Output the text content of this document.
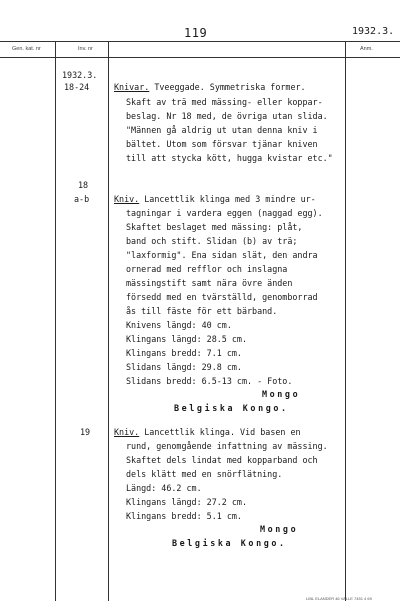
119	1932.3.
Gen. kat. nr	Inv. nr	Anm.
1932.3.
18-24	Knivar. Tveeggade. Symmetriska former.
Skaft av trä med mässing- eller koppar-
beslag. Nr 18 med, de övriga utan slida.
"Männen gå aldrig ut utan denna kniv i
bältet. Utom som försvar tjänar kniven
till att stycka kött, hugga kvistar etc."
18
a-b	Kniv. Lancettlik klinga med 3 mindre ur-
tagningar i vardera eggen (naggad egg).
Skaftet beslaget med mässing: plåt,
band och stift. Slidan (b) av trä;
"laxformig". Ena sidan slät, den andra
ornerad med refflor och inslagna
mässingstift samt nära övre änden
försedd med en tvärställd, genomborrad
ås till fäste för ett bärband.
Knivens längd: 40 cm.
Klingans längd: 28.5 cm.
Klingans bredd: 7.1 cm.
Slidans längd: 29.8 cm.
Slidans bredd: 6.5-13 cm. - Foto.
Mongo
Belgiska Kongo.
19	Kniv. Lancettlik klinga. Vid basen en
rund, genomgående infattning av mässing.
Skaftet dels lindat med kopparband och
dels klätt med en snörflätning.
Längd: 46.2 cm.
Klingans längd: 27.2 cm.
Klingans bredd: 5.1 cm.
Mongo
Belgiska Kongo.
LIBL ELANDER 46 VALLE 7451 4 69
